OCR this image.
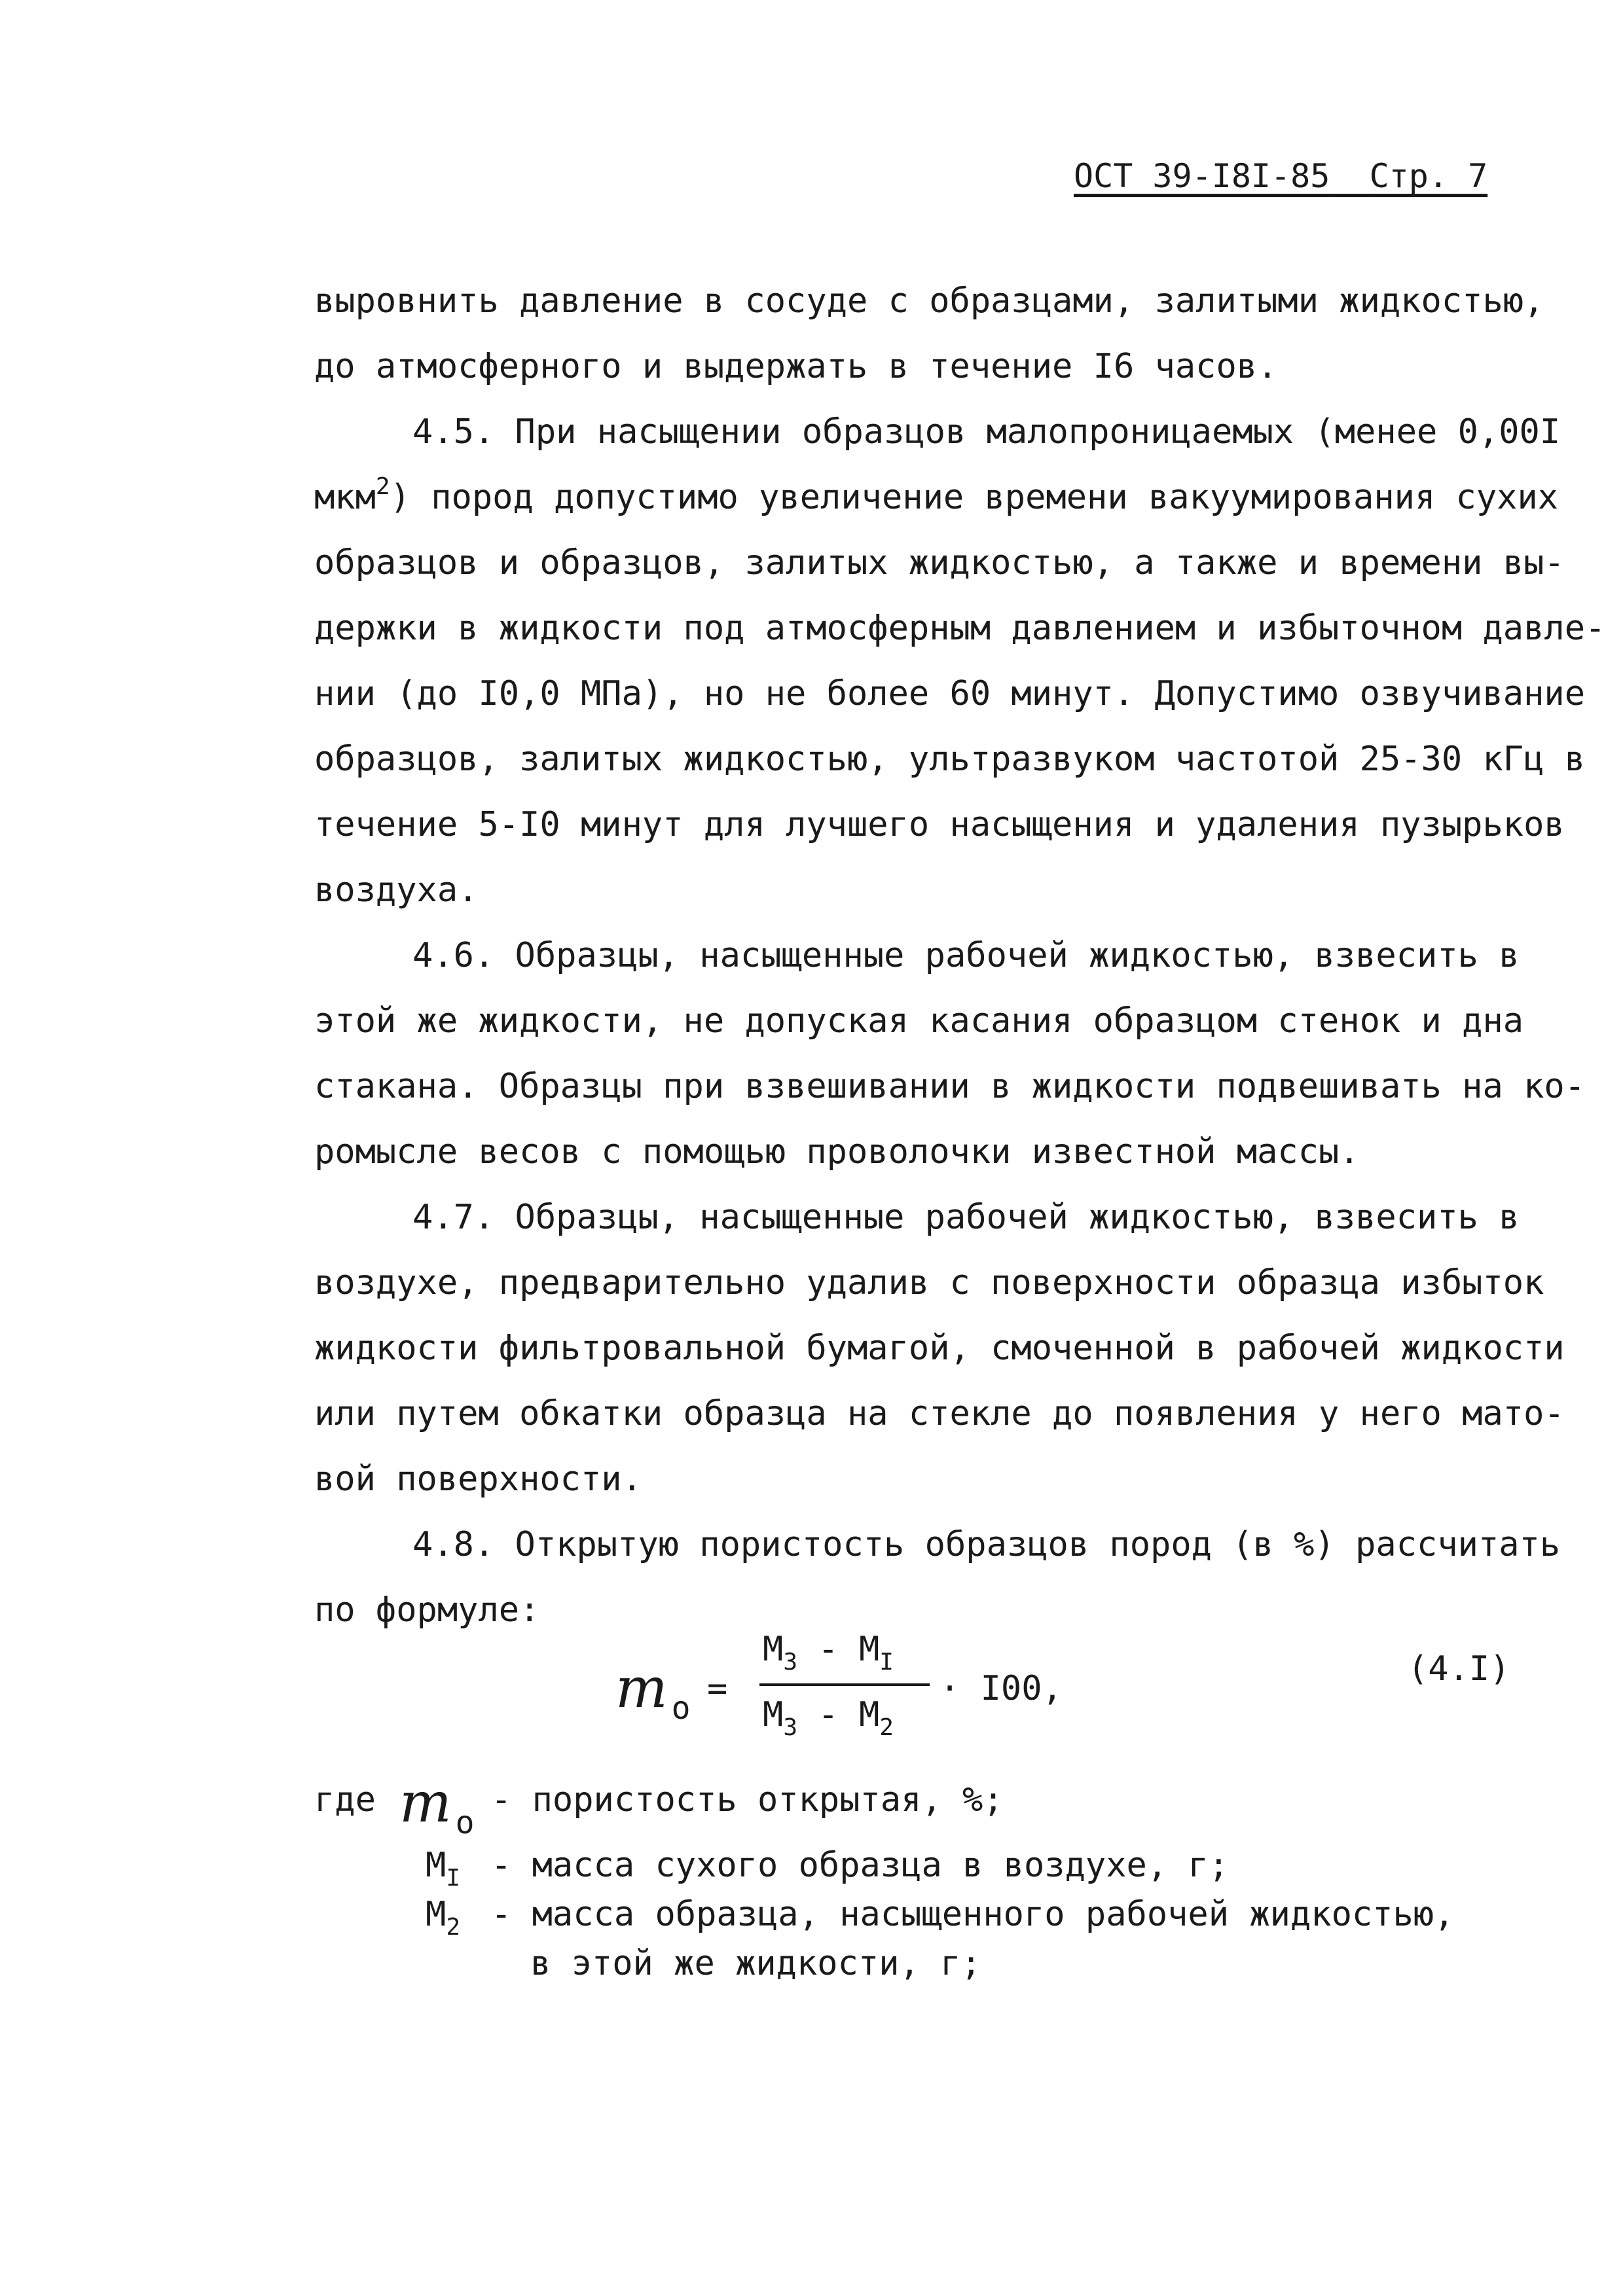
ОСТ 39-I8I-85 Стр. 7
выровнить давление в сосуде с образцами, залитыми жидкостью,
до атмосферного и выдержать в течение I6 часов.
4.5. При насыщении образцов малопроницаемых (менее 0,00I
мкм$^2$) пород допустимо увеличение времени вакуумирования сухих
образцов и образцов, залитых жидкостью, а также и времени вы-
держки в жидкости под атмосферным давлением и избыточном давле-
нии (до I0,0 МПа), но не более 60 минут. Допустимо озвучивание
образцов, залитых жидкостью, ультразвуком частотой 25-30 кГц в
течение 5-I0 минут для лучшего насыщения и удаления пузырьков
воздуха.
4.6. Образцы, насыщенные рабочей жидкостью, взвесить в
этой же жидкости, не допуская касания образцом стенок и дна
стакана. Образцы при взвешивании в жидкости подвешивать на ко-
ромысле весов с помощью проволочки известной массы.
4.7. Образцы, насыщенные рабочей жидкостью, взвесить в
воздухе, предварительно удалив с поверхности образца избыток
жидкости фильтровальной бумагой, смоченной в рабочей жидкости
или путем обкатки образца на стекле до появления у него мато-
вой поверхности.
4.8. Открытую пористость образцов пород (в %) рассчитать
по формуле:
m $_о$ =
$М_3 - М_I$
$М_3 - М_2$
· I00,	(4.I)
где m $_о$
- пористость открытая, %;
$М_I$ - масса сухого образца в воздухе, г;
$М_2$ - масса образца, насыщенного рабочей жидкостью,
в этой же жидкости, г;
